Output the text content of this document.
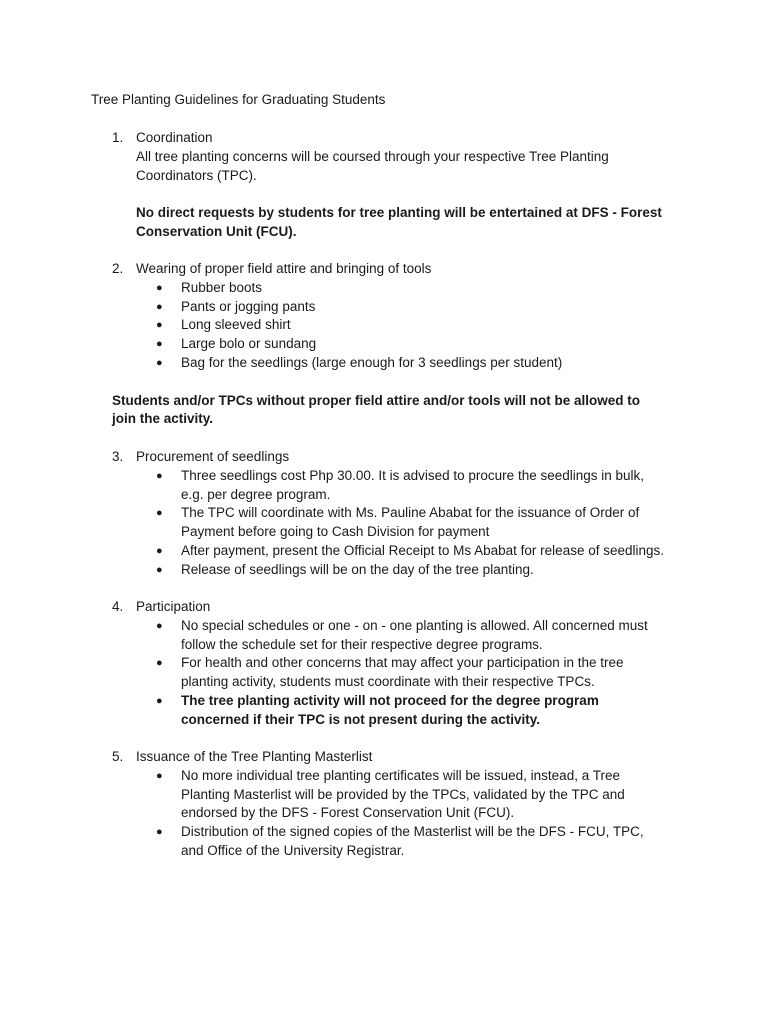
Tree Planting Guidelines for Graduating Students
1. Coordination
All tree planting concerns will be coursed through your respective Tree Planting
Coordinators (TPC).
No direct requests by students for tree planting will be entertained at DFS - Forest
Conservation Unit (FCU).
2. Wearing of proper field attire and bringing of tools
● Rubber boots
● Pants or jogging pants
● Long sleeved shirt
● Large bolo or sundang
● Bag for the seedlings (large enough for 3 seedlings per student)
Students and/or TPCs without proper field attire and/or tools will not be allowed to
join the activity.
3. Procurement of seedlings
● Three seedlings cost Php 30.00. It is advised to procure the seedlings in bulk,
e.g. per degree program.
● The TPC will coordinate with Ms. Pauline Ababat for the issuance of Order of
Payment before going to Cash Division for payment
● After payment, present the Official Receipt to Ms Ababat for release of seedlings.
● Release of seedlings will be on the day of the tree planting.
4. Participation
● No special schedules or one - on - one planting is allowed. All concerned must
follow the schedule set for their respective degree programs.
● For health and other concerns that may affect your participation in the tree
planting activity, students must coordinate with their respective TPCs.
● The tree planting activity will not proceed for the degree program
concerned if their TPC is not present during the activity.
5. Issuance of the Tree Planting Masterlist
● No more individual tree planting certificates will be issued, instead, a Tree
Planting Masterlist will be provided by the TPCs, validated by the TPC and
endorsed by the DFS - Forest Conservation Unit (FCU).
● Distribution of the signed copies of the Masterlist will be the DFS - FCU, TPC,
and Office of the University Registrar.
